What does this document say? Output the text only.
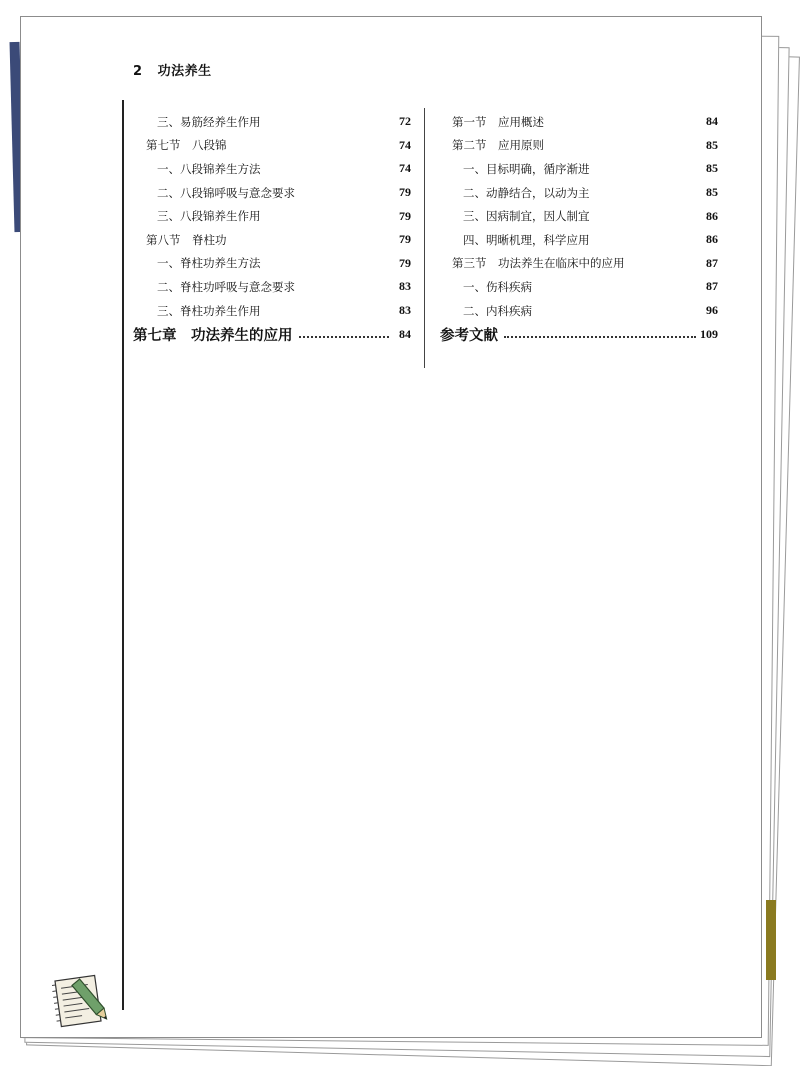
2 功法养生
三、易筋经养生作用	72
第七节　八段锦	74
一、八段锦养生方法	74
二、八段锦呼吸与意念要求	79
三、八段锦养生作用	79
第八节　脊柱功	79
一、脊柱功养生方法	79
二、脊柱功呼吸与意念要求	83
三、脊柱功养生作用	83
第七章　功法养生的应用	84
第一节　应用概述	84
第二节　应用原则	85
一、目标明确，循序渐进	85
二、动静结合，以动为主	85
三、因病制宜，因人制宜	86
四、明晰机理，科学应用	86
第三节　功法养生在临床中的应用	87
一、伤科疾病	87
二、内科疾病	96
参考文献	109
